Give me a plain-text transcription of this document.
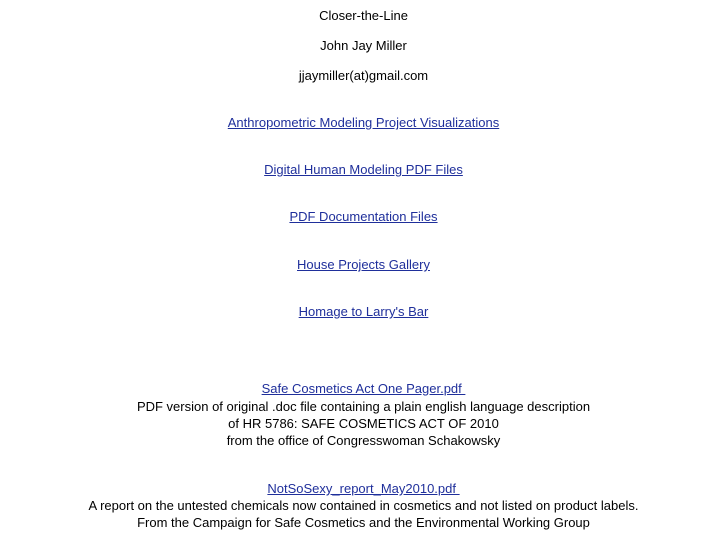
Closer-the-Line
John Jay Miller
jjaymiller(at)gmail.com
Anthropometric Modeling Project Visualizations
Digital Human Modeling PDF Files
PDF Documentation Files
House Projects Gallery
Homage to Larry's Bar
Safe Cosmetics Act One Pager.pdf
PDF version of original .doc file containing a plain english language description
of HR 5786: SAFE COSMETICS ACT OF 2010
from the office of Congresswoman Schakowsky
NotSoSexy_report_May2010.pdf
A report on the untested chemicals now contained in cosmetics and not listed on product labels.
From the Campaign for Safe Cosmetics and the Environmental Working Group
